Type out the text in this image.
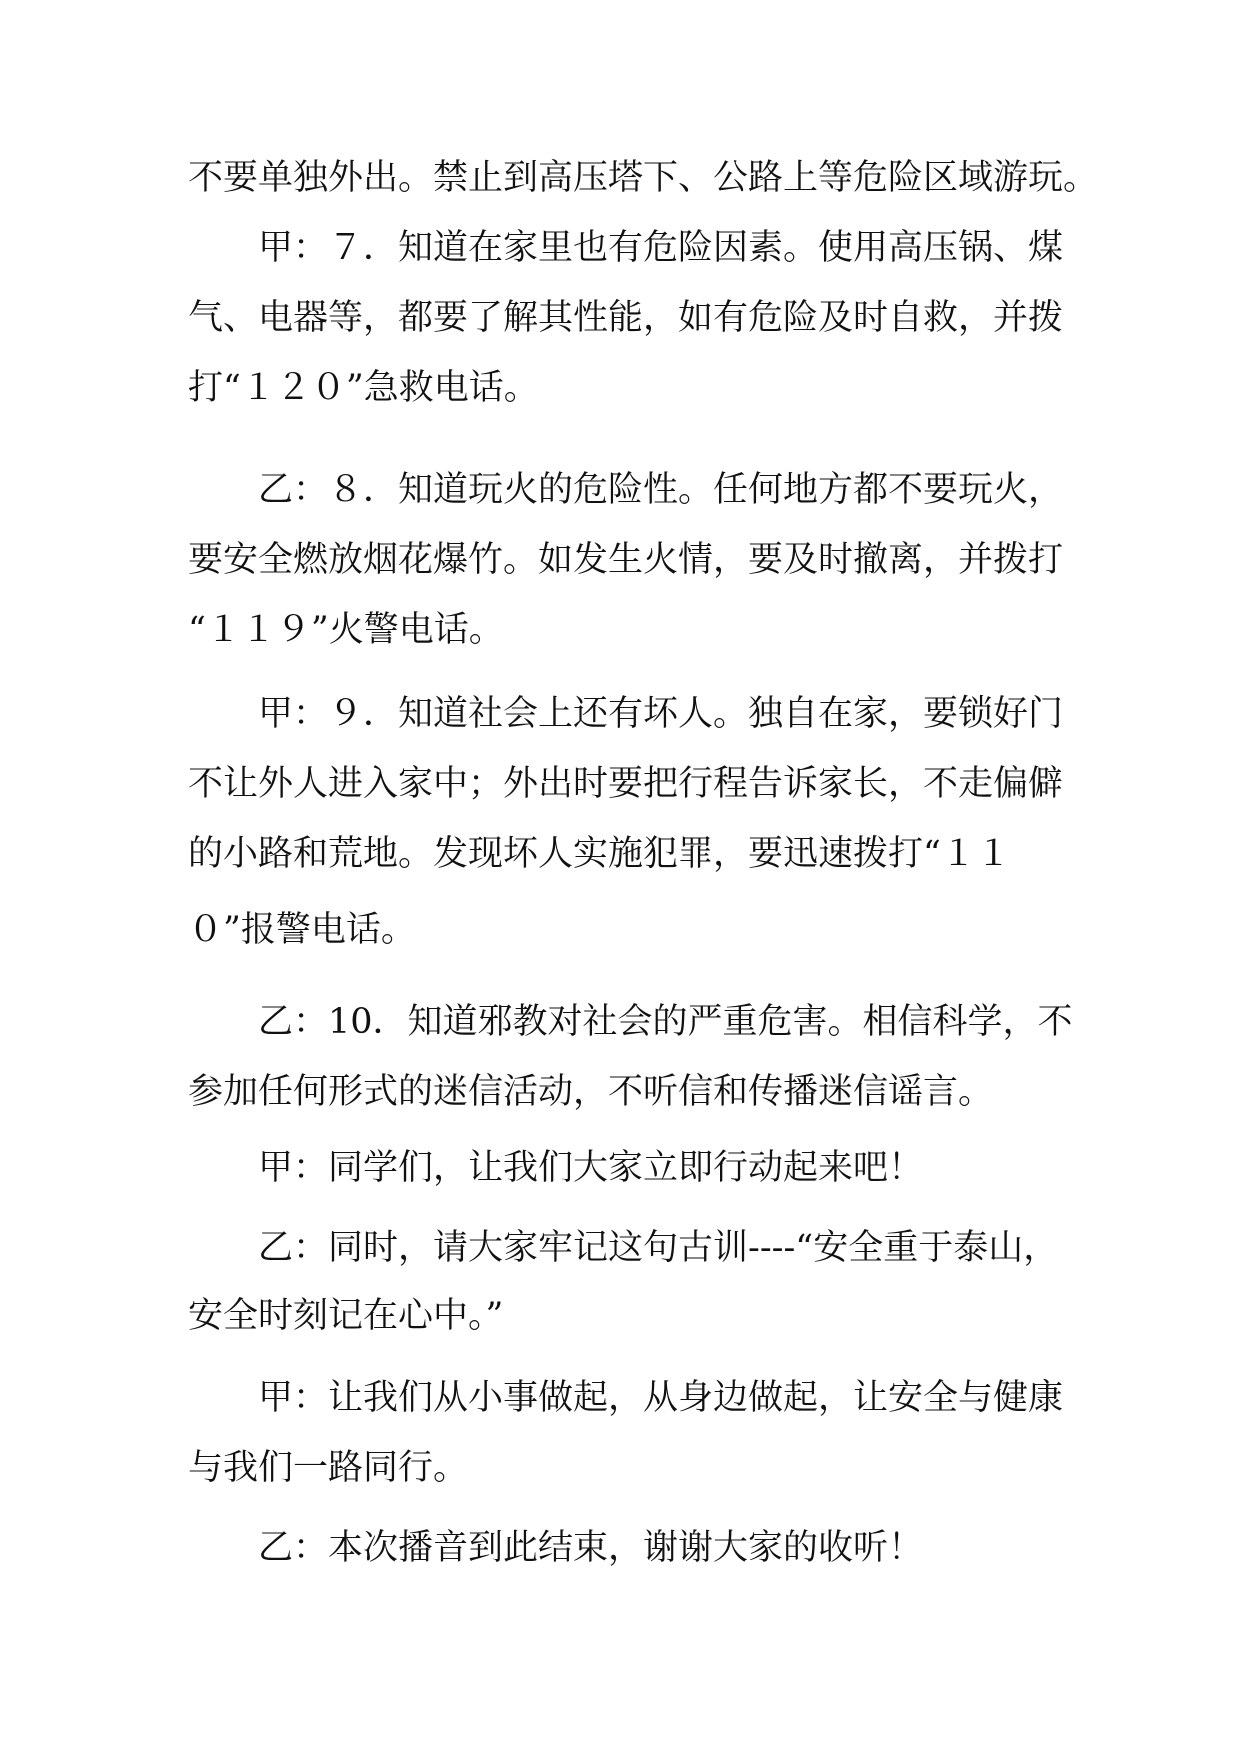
不要单独外出。禁止到高压塔下、公路上等危险区域游玩。
甲：７．知道在家里也有危险因素。使用高压锅、煤
气、电器等，都要了解其性能，如有危险及时自救，并拨
打“１２０”急救电话。
乙：８．知道玩火的危险性。任何地方都不要玩火，
要安全燃放烟花爆竹。如发生火情，要及时撤离，并拨打
“１１９”火警电话。
甲：９．知道社会上还有坏人。独自在家，要锁好门
不让外人进入家中；外出时要把行程告诉家长，不走偏僻
的小路和荒地。发现坏人实施犯罪，要迅速拨打“１１
０”报警电话。
乙：10．知道邪教对社会的严重危害。相信科学，不
参加任何形式的迷信活动，不听信和传播迷信谣言。
甲：同学们，让我们大家立即行动起来吧！
乙：同时，请大家牢记这句古训----“安全重于泰山，
安全时刻记在心中。”
甲：让我们从小事做起，从身边做起，让安全与健康
与我们一路同行。
乙：本次播音到此结束，谢谢大家的收听！
